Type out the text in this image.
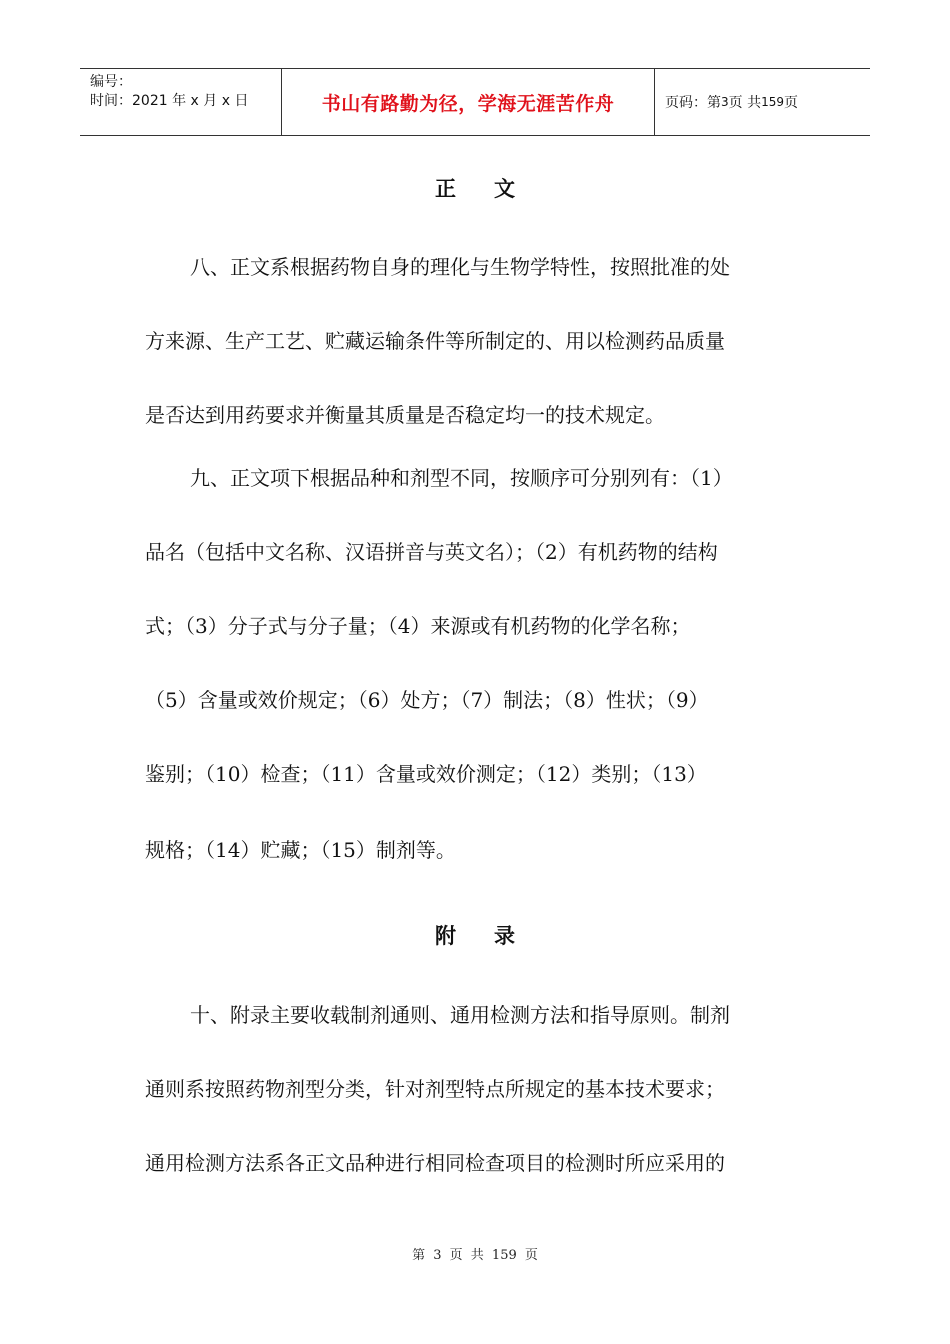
编号：
时间：2021 年 x 月 x 日	书山有路勤为径，学海无涯苦作舟	页码：第 3 页 共 159 页
正文
八、正文系根据药物自身的理化与生物学特性，按照批准的处
方来源、生产工艺、贮藏运输条件等所制定的、用以检测药品质量
是否达到用药要求并衡量其质量是否稳定均一的技术规定。
九、正文项下根据品种和剂型不同，按顺序可分别列有：（1）
品名（包括中文名称、汉语拼音与英文名）；（2）有机药物的结构
式；（3）分子式与分子量；（4）来源或有机药物的化学名称；
（5）含量或效价规定；（6）处方；（7）制法；（8）性状；（9）
鉴别；（10）检查；（11）含量或效价测定；（12）类别；（13）
规格；（14）贮藏；（15）制剂等。
附录
十、附录主要收载制剂通则、通用检测方法和指导原则。制剂
通则系按照药物剂型分类，针对剂型特点所规定的基本技术要求；
通用检测方法系各正文品种进行相同检查项目的检测时所应采用的
第 3 页 共 159 页
